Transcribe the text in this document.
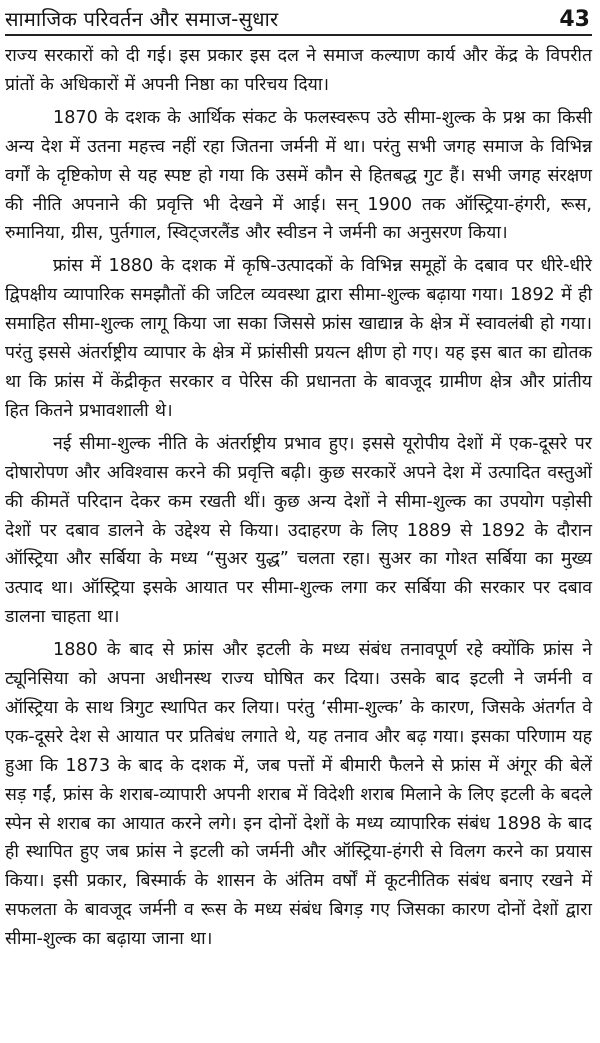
सामाजिक परिवर्तन और समाज-सुधार	43

राज्य सरकारों को दी गई। इस प्रकार इस दल ने समाज कल्याण कार्य और केंद्र के विपरीत प्रांतों के अधिकारों में अपनी निष्ठा का परिचय दिया।

1870 के दशक के आर्थिक संकट के फलस्वरूप उठे सीमा-शुल्क के प्रश्न का किसी अन्य देश में उतना महत्त्व नहीं रहा जितना जर्मनी में था। परंतु सभी जगह समाज के विभिन्न वर्गों के दृष्टिकोण से यह स्पष्ट हो गया कि उसमें कौन से हितबद्ध गुट हैं। सभी जगह संरक्षण की नीति अपनाने की प्रवृत्ति भी देखने में आई। सन् 1900 तक ऑस्ट्रिया-हंगरी, रूस, रुमानिया, ग्रीस, पुर्तगाल, स्विट्जरलैंड और स्वीडन ने जर्मनी का अनुसरण किया।

फ्रांस में 1880 के दशक में कृषि-उत्पादकों के विभिन्न समूहों के दबाव पर धीरे-धीरे द्विपक्षीय व्यापारिक समझौतों की जटिल व्यवस्था द्वारा सीमा-शुल्क बढ़ाया गया। 1892 में ही समाहित सीमा-शुल्क लागू किया जा सका जिससे फ्रांस खाद्यान्न के क्षेत्र में स्वावलंबी हो गया। परंतु इससे अंतर्राष्ट्रीय व्यापार के क्षेत्र में फ्रांसीसी प्रयत्न क्षीण हो गए। यह इस बात का द्योतक था कि फ्रांस में केंद्रीकृत सरकार व पेरिस की प्रधानता के बावजूद ग्रामीण क्षेत्र और प्रांतीय हित कितने प्रभावशाली थे।

नई सीमा-शुल्क नीति के अंतर्राष्ट्रीय प्रभाव हुए। इससे यूरोपीय देशों में एक-दूसरे पर दोषारोपण और अविश्वास करने की प्रवृत्ति बढ़ी। कुछ सरकारें अपने देश में उत्पादित वस्तुओं की कीमतें परिदान देकर कम रखती थीं। कुछ अन्य देशों ने सीमा-शुल्क का उपयोग पड़ोसी देशों पर दबाव डालने के उद्देश्य से किया। उदाहरण के लिए 1889 से 1892 के दौरान ऑस्ट्रिया और सर्बिया के मध्य “सुअर युद्ध” चलता रहा। सुअर का गोश्त सर्बिया का मुख्य उत्पाद था। ऑस्ट्रिया इसके आयात पर सीमा-शुल्क लगा कर सर्बिया की सरकार पर दबाव डालना चाहता था।

1880 के बाद से फ्रांस और इटली के मध्य संबंध तनावपूर्ण रहे क्योंकि फ्रांस ने ट्यूनिसिया को अपना अधीनस्थ राज्य घोषित कर दिया। उसके बाद इटली ने जर्मनी व ऑस्ट्रिया के साथ त्रिगुट स्थापित कर लिया। परंतु ‘सीमा-शुल्क’ के कारण, जिसके अंतर्गत वे एक-दूसरे देश से आयात पर प्रतिबंध लगाते थे, यह तनाव और बढ़ गया। इसका परिणाम यह हुआ कि 1873 के बाद के दशक में, जब पत्तों में बीमारी फैलने से फ्रांस में अंगूर की बेलें सड़ गईं, फ्रांस के शराब-व्यापारी अपनी शराब में विदेशी शराब मिलाने के लिए इटली के बदले स्पेन से शराब का आयात करने लगे। इन दोनों देशों के मध्य व्यापारिक संबंध 1898 के बाद ही स्थापित हुए जब फ्रांस ने इटली को जर्मनी और ऑस्ट्रिया-हंगरी से विलग करने का प्रयास किया। इसी प्रकार, बिस्मार्क के शासन के अंतिम वर्षों में कूटनीतिक संबंध बनाए रखने में सफलता के बावजूद जर्मनी व रूस के मध्य संबंध बिगड़ गए जिसका कारण दोनों देशों द्वारा सीमा-शुल्क का बढ़ाया जाना था।
